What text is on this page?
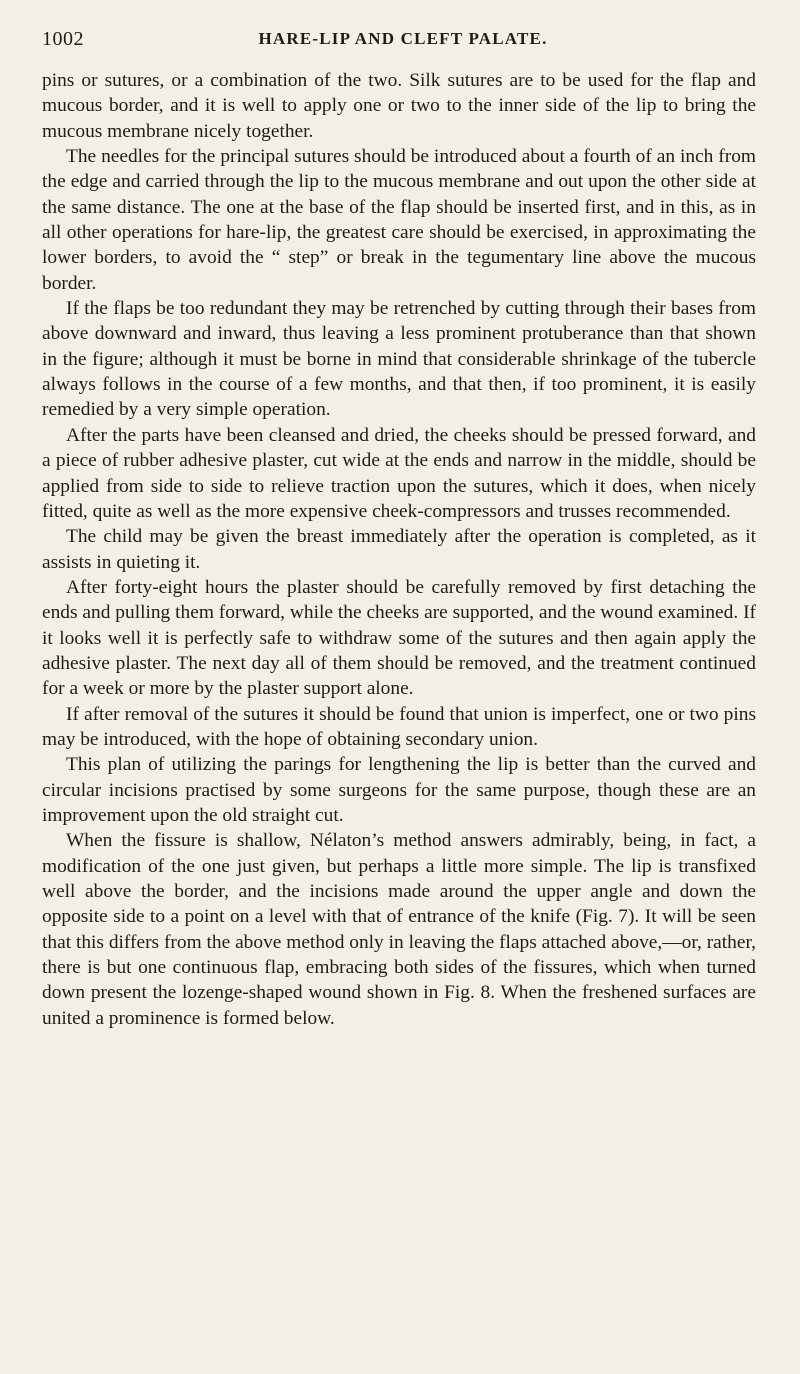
1002	HARE-LIP AND CLEFT PALATE.

pins or sutures, or a combination of the two. Silk sutures are to be used for the flap and mucous border, and it is well to apply one or two to the inner side of the lip to bring the mucous membrane nicely together.

The needles for the principal sutures should be introduced about a fourth of an inch from the edge and carried through the lip to the mucous membrane and out upon the other side at the same distance. The one at the base of the flap should be inserted first, and in this, as in all other operations for hare-lip, the greatest care should be exercised, in approximating the lower borders, to avoid the “ step” or break in the tegumentary line above the mucous border.

If the flaps be too redundant they may be retrenched by cutting through their bases from above downward and inward, thus leaving a less prominent protuberance than that shown in the figure; although it must be borne in mind that considerable shrinkage of the tubercle always follows in the course of a few months, and that then, if too prominent, it is easily remedied by a very simple operation.

After the parts have been cleansed and dried, the cheeks should be pressed forward, and a piece of rubber adhesive plaster, cut wide at the ends and narrow in the middle, should be applied from side to side to relieve traction upon the sutures, which it does, when nicely fitted, quite as well as the more expensive cheek-compressors and trusses recommended.

The child may be given the breast immediately after the operation is completed, as it assists in quieting it.

After forty-eight hours the plaster should be carefully removed by first detaching the ends and pulling them forward, while the cheeks are supported, and the wound examined. If it looks well it is perfectly safe to withdraw some of the sutures and then again apply the adhesive plaster. The next day all of them should be removed, and the treatment continued for a week or more by the plaster support alone.

If after removal of the sutures it should be found that union is imperfect, one or two pins may be introduced, with the hope of obtaining secondary union.

This plan of utilizing the parings for lengthening the lip is better than the curved and circular incisions practised by some surgeons for the same purpose, though these are an improvement upon the old straight cut.

When the fissure is shallow, Nélaton’s method answers admirably, being, in fact, a modification of the one just given, but perhaps a little more simple. The lip is transfixed well above the border, and the incisions made around the upper angle and down the opposite side to a point on a level with that of entrance of the knife (Fig. 7). It will be seen that this differs from the above method only in leaving the flaps attached above,—or, rather, there is but one continuous flap, embracing both sides of the fissures, which when turned down present the lozenge-shaped wound shown in Fig. 8. When the freshened surfaces are united a prominence is formed below.
